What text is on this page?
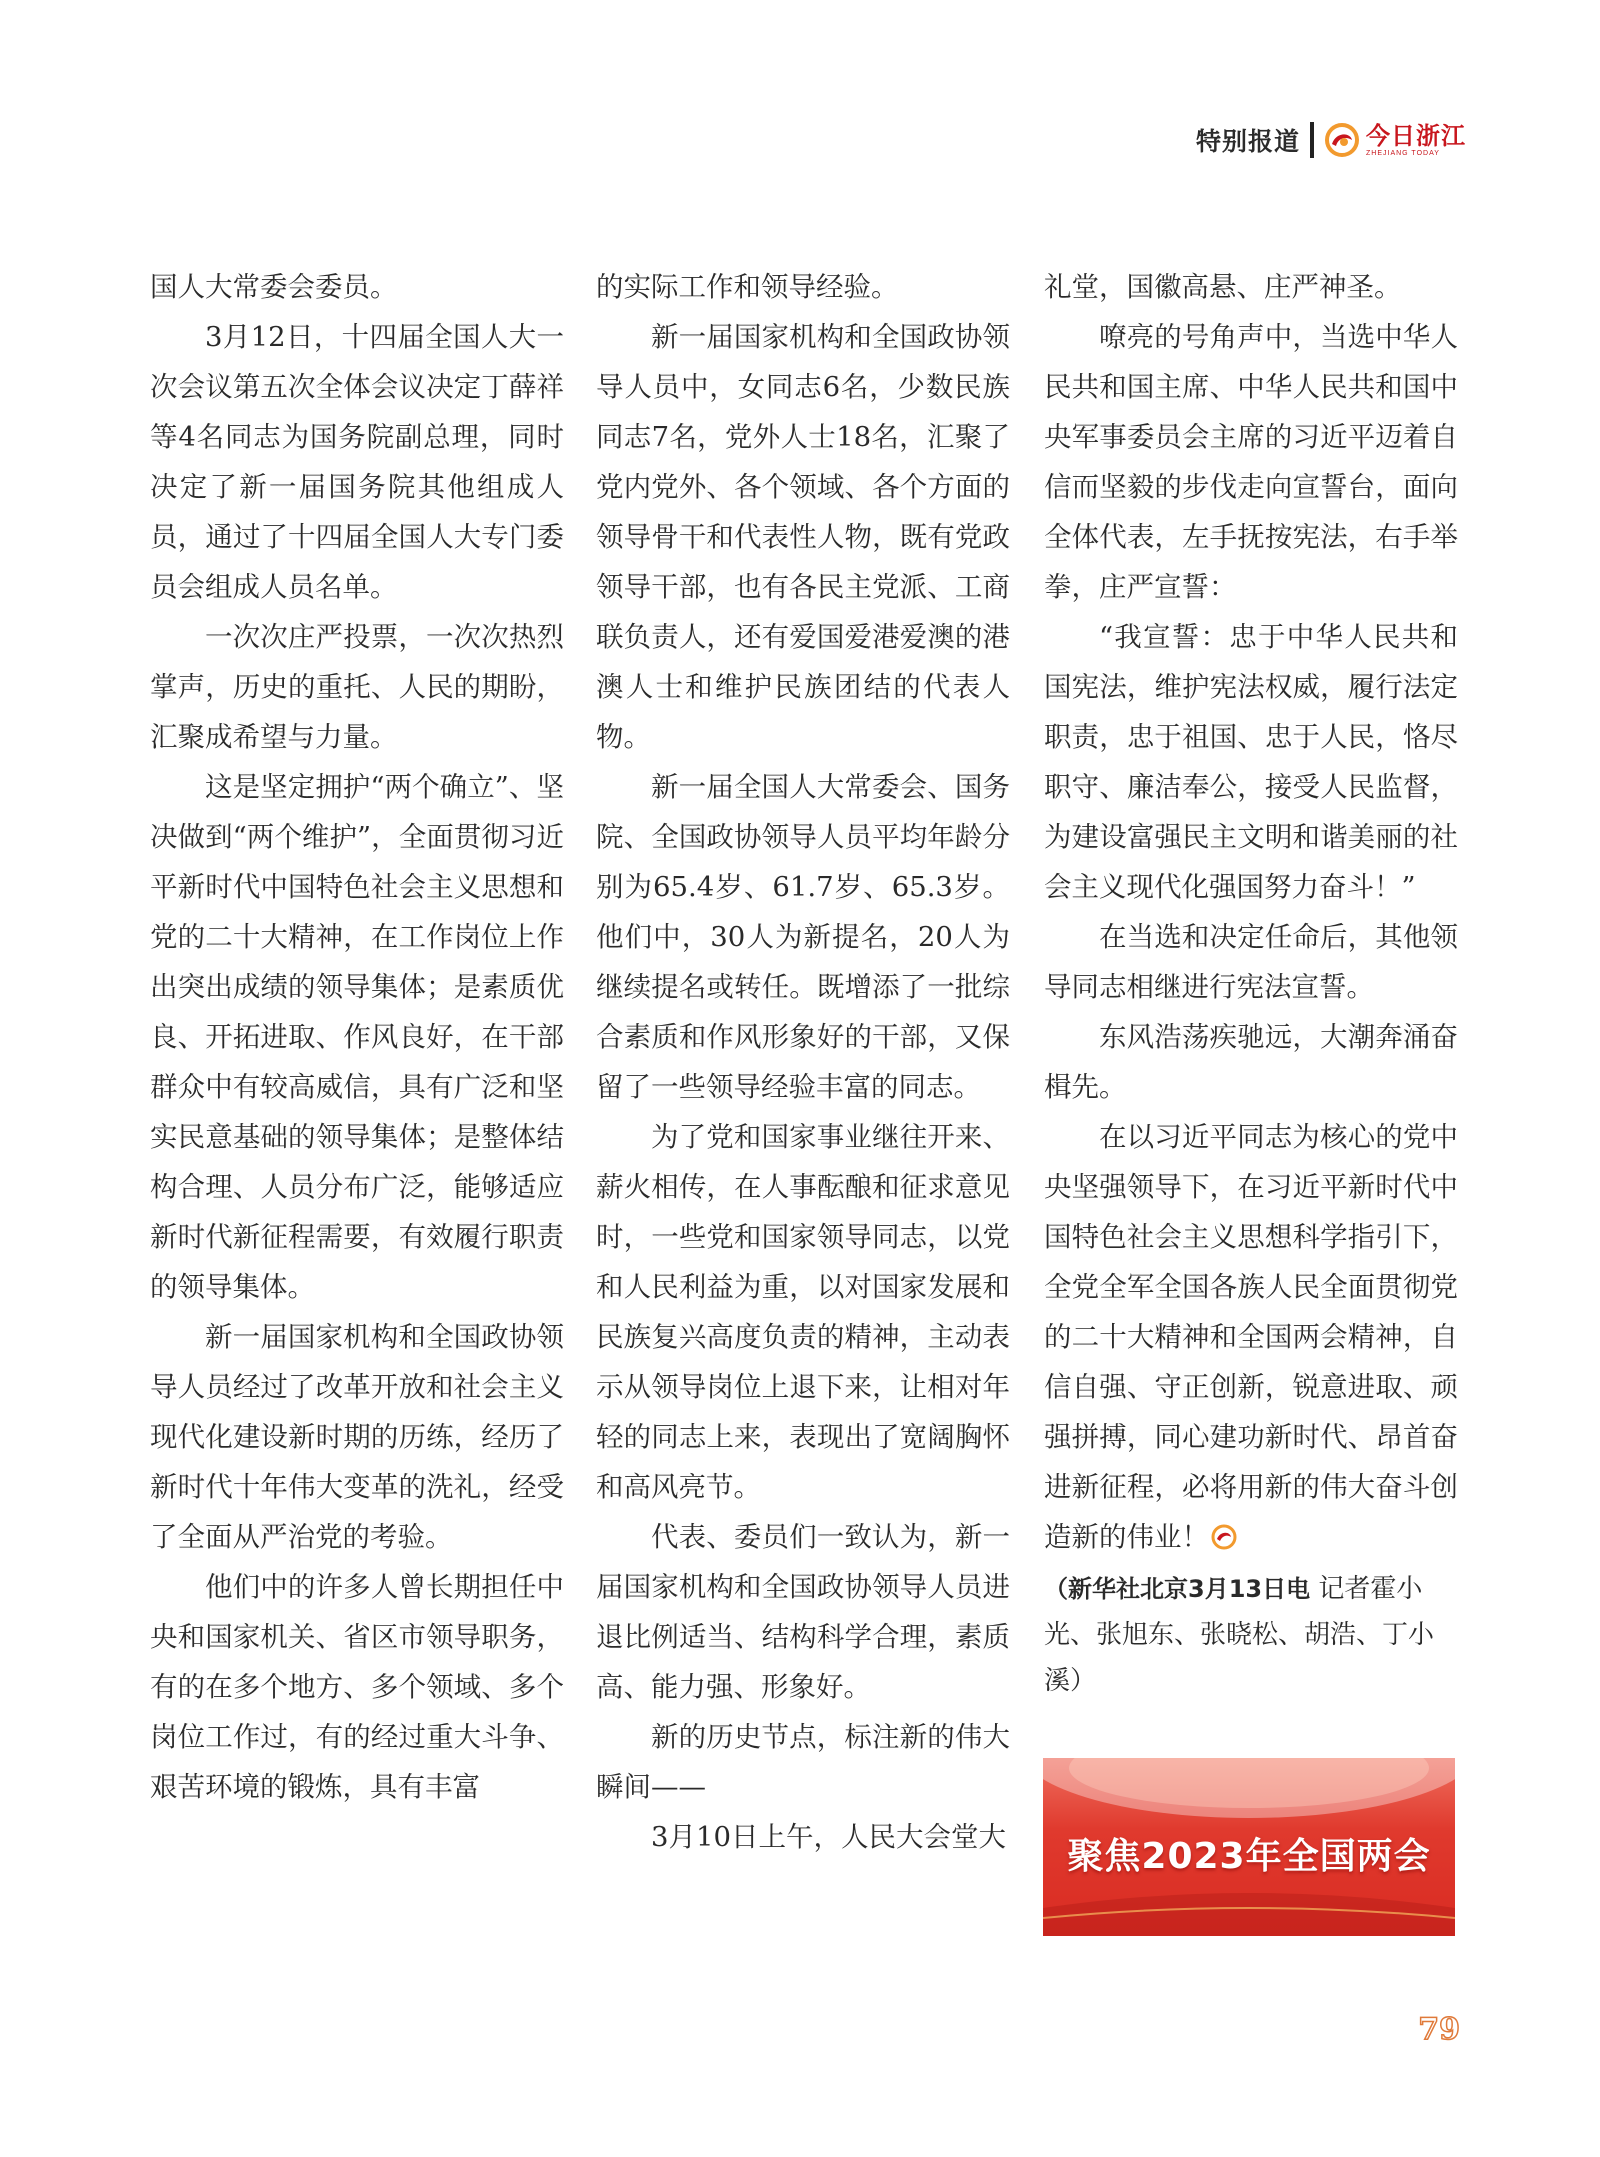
特别报道	今日浙江
ZHEJIANG TODAY

国人大常委会委员。

3月12日，十四届全国人大一次会议第五次全体会议决定丁薛祥等4名同志为国务院副总理，同时决定了新一届国务院其他组成人员，通过了十四届全国人大专门委员会组成人员名单。

一次次庄严投票，一次次热烈掌声，历史的重托、人民的期盼，汇聚成希望与力量。

这是坚定拥护“两个确立”、坚决做到“两个维护”，全面贯彻习近平新时代中国特色社会主义思想和党的二十大精神，在工作岗位上作出突出成绩的领导集体；是素质优良、开拓进取、作风良好，在干部群众中有较高威信，具有广泛和坚实民意基础的领导集体；是整体结构合理、人员分布广泛，能够适应新时代新征程需要，有效履行职责的领导集体。

新一届国家机构和全国政协领导人员经过了改革开放和社会主义现代化建设新时期的历练，经历了新时代十年伟大变革的洗礼，经受了全面从严治党的考验。

他们中的许多人曾长期担任中央和国家机关、省区市领导职务，有的在多个地方、多个领域、多个岗位工作过，有的经过重大斗争、艰苦环境的锻炼，具有丰富

的实际工作和领导经验。

新一届国家机构和全国政协领导人员中，女同志6名，少数民族同志7名，党外人士18名，汇聚了党内党外、各个领域、各个方面的领导骨干和代表性人物，既有党政领导干部，也有各民主党派、工商联负责人，还有爱国爱港爱澳的港澳人士和维护民族团结的代表人物。

新一届全国人大常委会、国务院、全国政协领导人员平均年龄分别为65.4岁、61.7岁、65.3岁。他们中，30人为新提名，20人为继续提名或转任。既增添了一批综合素质和作风形象好的干部，又保留了一些领导经验丰富的同志。

为了党和国家事业继往开来、薪火相传，在人事酝酿和征求意见时，一些党和国家领导同志，以党和人民利益为重，以对国家发展和民族复兴高度负责的精神，主动表示从领导岗位上退下来，让相对年轻的同志上来，表现出了宽阔胸怀和高风亮节。

代表、委员们一致认为，新一届国家机构和全国政协领导人员进退比例适当、结构科学合理，素质高、能力强、形象好。

新的历史节点，标注新的伟大瞬间——

3月10日上午，人民大会堂大

礼堂，国徽高悬、庄严神圣。

嘹亮的号角声中，当选中华人民共和国主席、中华人民共和国中央军事委员会主席的习近平迈着自信而坚毅的步伐走向宣誓台，面向全体代表，左手抚按宪法，右手举拳，庄严宣誓：

“我宣誓：忠于中华人民共和国宪法，维护宪法权威，履行法定职责，忠于祖国、忠于人民，恪尽职守、廉洁奉公，接受人民监督，为建设富强民主文明和谐美丽的社会主义现代化强国努力奋斗！”

在当选和决定任命后，其他领导同志相继进行宪法宣誓。

东风浩荡疾驰远，大潮奔涌奋楫先。

在以习近平同志为核心的党中央坚强领导下，在习近平新时代中国特色社会主义思想科学指引下，全党全军全国各族人民全面贯彻党的二十大精神和全国两会精神，自信自强、守正创新，锐意进取、顽强拼搏，同心建功新时代、昂首奋进新征程，必将用新的伟大奋斗创造新的伟业！

（新华社北京3月13日电 记者霍小光、张旭东、张晓松、胡浩、丁小溪）
聚焦2023年全国两会
79
